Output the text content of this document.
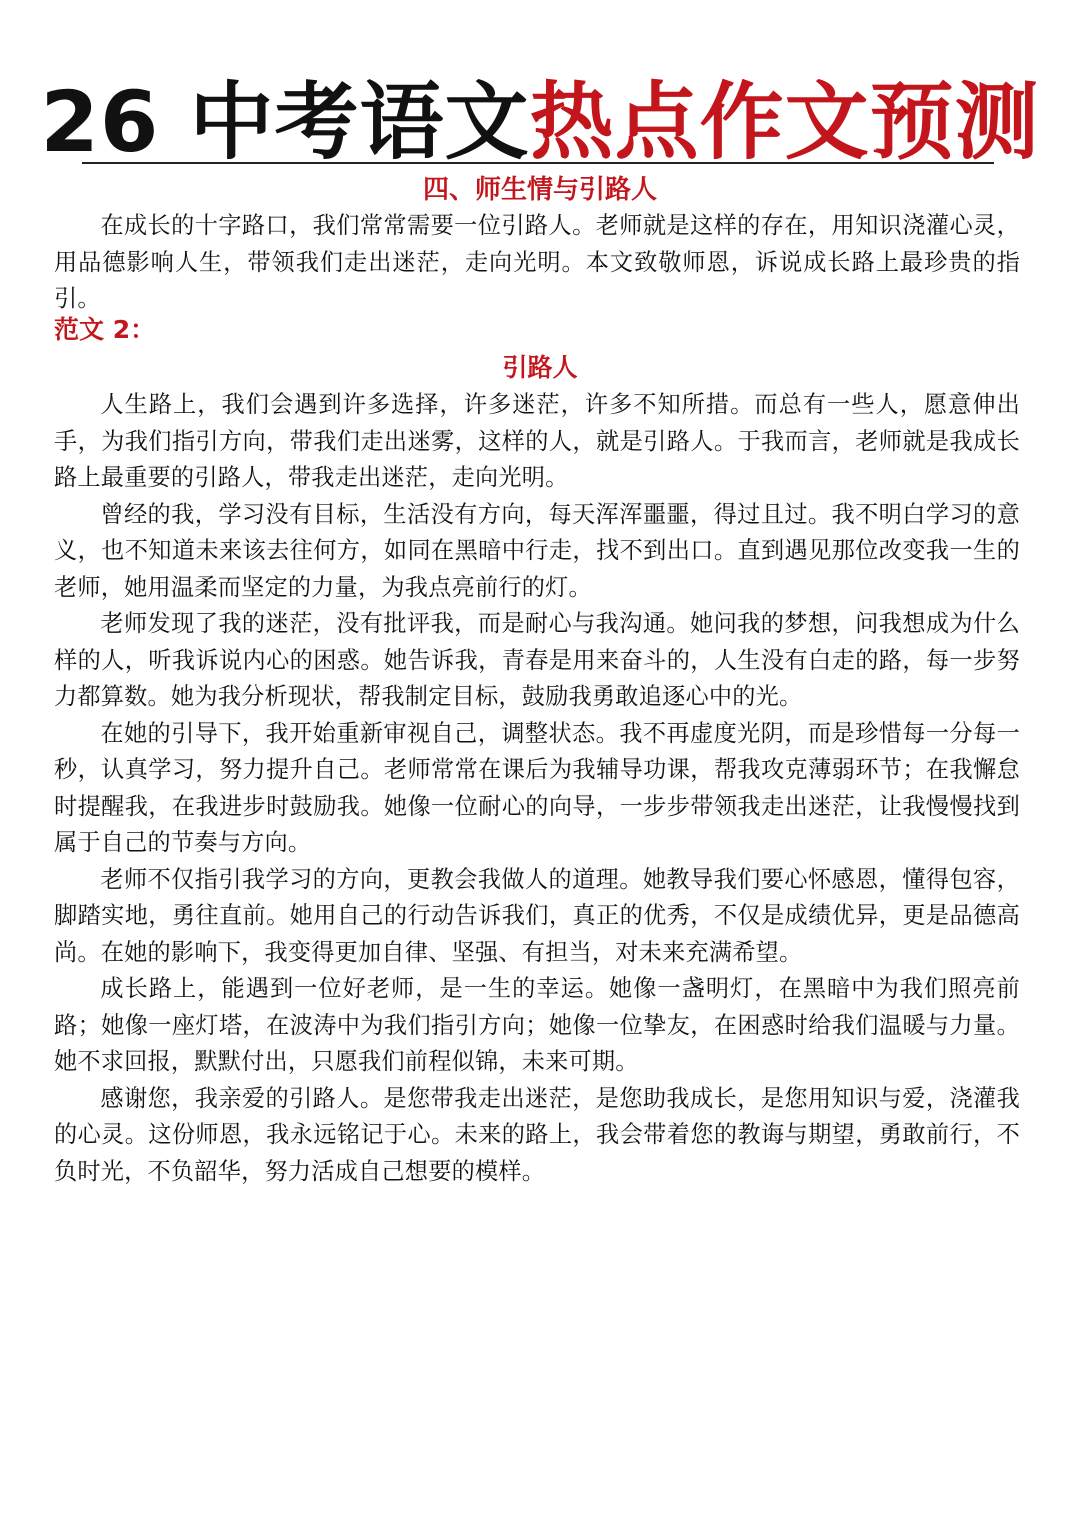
26 中考语文热点作文预测
四、师生情与引路人

在成长的十字路口，我们常常需要一位引路人。老师就是这样的存在，用知识浇灌心灵，用品德影响人生，带领我们走出迷茫，走向光明。本文致敬师恩，诉说成长路上最珍贵的指引。

范文 2：
引路人

人生路上，我们会遇到许多选择，许多迷茫，许多不知所措。而总有一些人，愿意伸出手，为我们指引方向，带我们走出迷雾，这样的人，就是引路人。于我而言，老师就是我成长路上最重要的引路人，带我走出迷茫，走向光明。

曾经的我，学习没有目标，生活没有方向，每天浑浑噩噩，得过且过。我不明白学习的意义，也不知道未来该去往何方，如同在黑暗中行走，找不到出口。直到遇见那位改变我一生的老师，她用温柔而坚定的力量，为我点亮前行的灯。

老师发现了我的迷茫，没有批评我，而是耐心与我沟通。她问我的梦想，问我想成为什么样的人，听我诉说内心的困惑。她告诉我，青春是用来奋斗的，人生没有白走的路，每一步努力都算数。她为我分析现状，帮我制定目标，鼓励我勇敢追逐心中的光。

在她的引导下，我开始重新审视自己，调整状态。我不再虚度光阴，而是珍惜每一分每一秒，认真学习，努力提升自己。老师常常在课后为我辅导功课，帮我攻克薄弱环节；在我懈怠时提醒我，在我进步时鼓励我。她像一位耐心的向导，一步步带领我走出迷茫，让我慢慢找到属于自己的节奏与方向。

老师不仅指引我学习的方向，更教会我做人的道理。她教导我们要心怀感恩，懂得包容，脚踏实地，勇往直前。她用自己的行动告诉我们，真正的优秀，不仅是成绩优异，更是品德高尚。在她的影响下，我变得更加自律、坚强、有担当，对未来充满希望。

成长路上，能遇到一位好老师，是一生的幸运。她像一盏明灯，在黑暗中为我们照亮前路；她像一座灯塔，在波涛中为我们指引方向；她像一位挚友，在困惑时给我们温暖与力量。她不求回报，默默付出，只愿我们前程似锦，未来可期。

感谢您，我亲爱的引路人。是您带我走出迷茫，是您助我成长，是您用知识与爱，浇灌我的心灵。这份师恩，我永远铭记于心。未来的路上，我会带着您的教诲与期望，勇敢前行，不负时光，不负韶华，努力活成自己想要的模样。
